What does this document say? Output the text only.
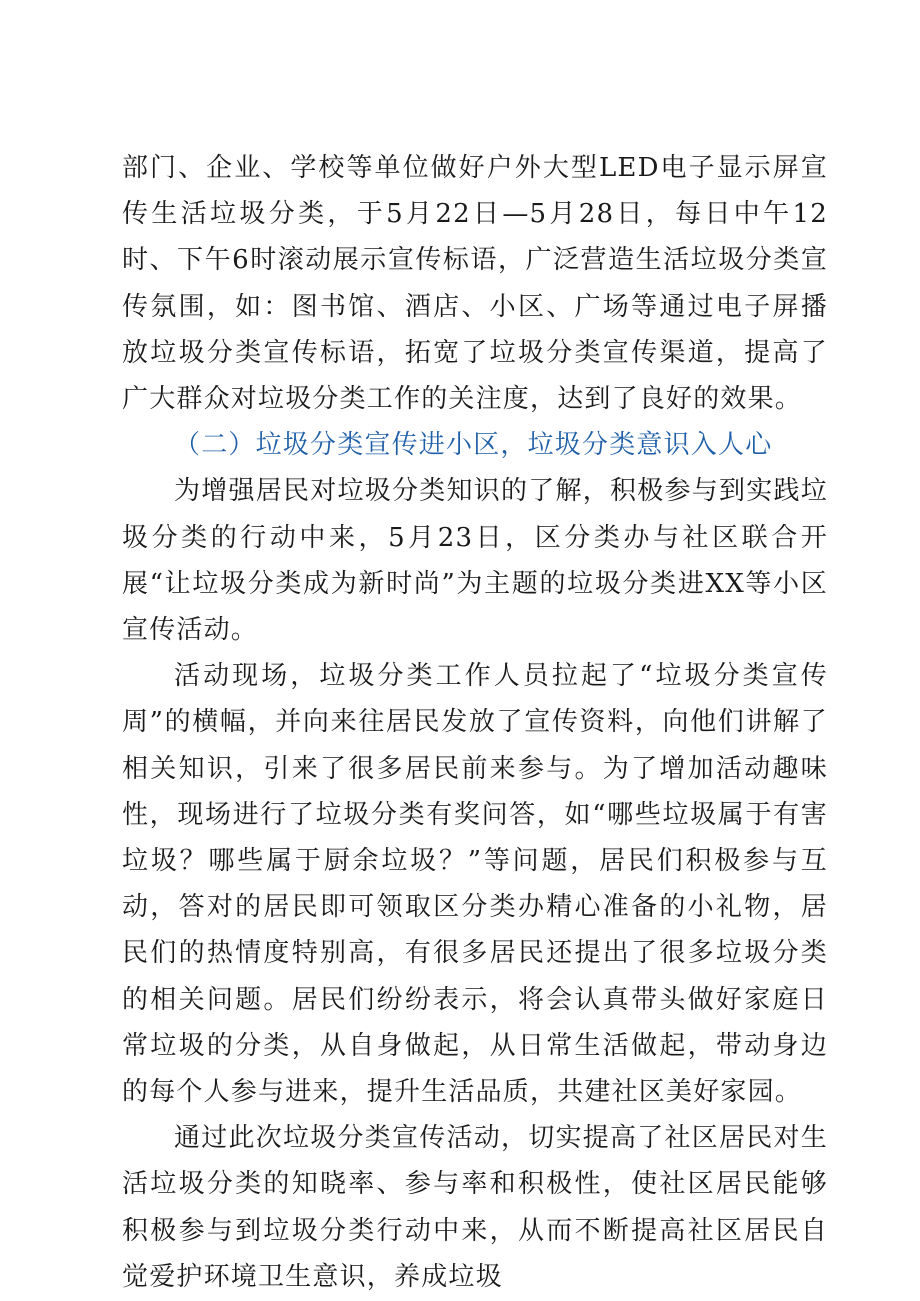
部门、企业、学校等单位做好户外大型LED电子显示屏宣传生活垃圾分类，于5月22日—5月28日，每日中午12时、下午6时滚动展示宣传标语，广泛营造生活垃圾分类宣传氛围，如：图书馆、酒店、小区、广场等通过电子屏播放垃圾分类宣传标语，拓宽了垃圾分类宣传渠道，提高了广大群众对垃圾分类工作的关注度，达到了良好的效果。

（二）垃圾分类宣传进小区，垃圾分类意识入人心

为增强居民对垃圾分类知识的了解，积极参与到实践垃圾分类的行动中来，5月23日，区分类办与社区联合开展“让垃圾分类成为新时尚”为主题的垃圾分类进XX等小区宣传活动。

活动现场，垃圾分类工作人员拉起了“垃圾分类宣传周”的横幅，并向来往居民发放了宣传资料，向他们讲解了相关知识，引来了很多居民前来参与。为了增加活动趣味性，现场进行了垃圾分类有奖问答，如“哪些垃圾属于有害垃圾？哪些属于厨余垃圾？”等问题，居民们积极参与互动，答对的居民即可领取区分类办精心准备的小礼物，居民们的热情度特别高，有很多居民还提出了很多垃圾分类的相关问题。居民们纷纷表示，将会认真带头做好家庭日常垃圾的分类，从自身做起，从日常生活做起，带动身边的每个人参与进来，提升生活品质，共建社区美好家园。

通过此次垃圾分类宣传活动，切实提高了社区居民对生活垃圾分类的知晓率、参与率和积极性，使社区居民能够积极参与到垃圾分类行动中来，从而不断提高社区居民自觉爱护环境卫生意识，养成垃圾
